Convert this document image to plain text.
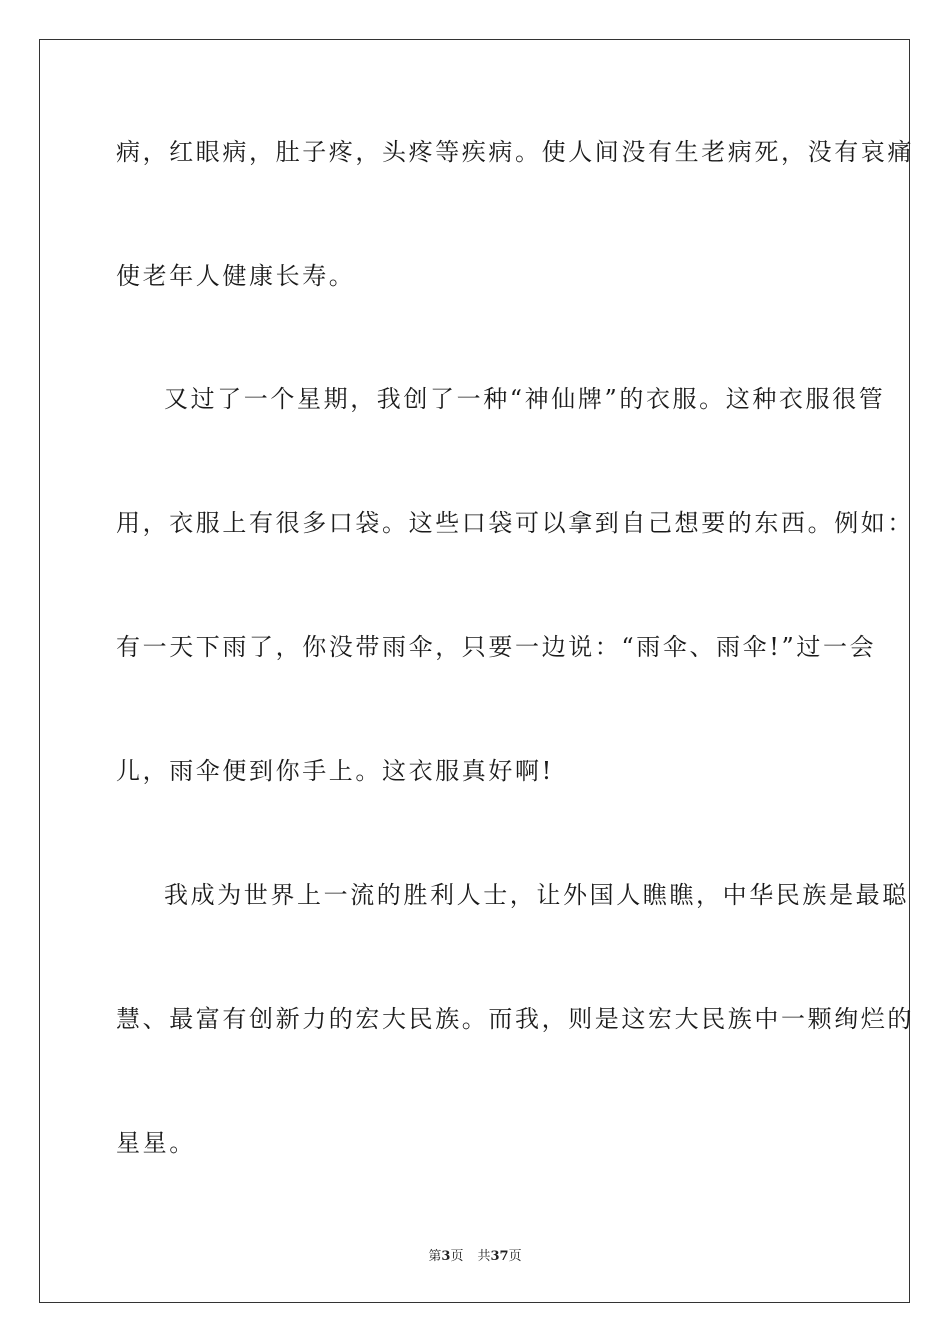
病，红眼病，肚子疼，头疼等疾病。使人间没有生老病死，没有哀痛
使老年人健康长寿。
又过了一个星期，我创了一种“神仙牌”的衣服。这种衣服很管
用，衣服上有很多口袋。这些口袋可以拿到自己想要的东西。例如：
有一天下雨了，你没带雨伞，只要一边说：“雨伞、雨伞!”过一会
儿，雨伞便到你手上。这衣服真好啊!
我成为世界上一流的胜利人士，让外国人瞧瞧，中华民族是最聪
慧、最富有创新力的宏大民族。而我，则是这宏大民族中一颗绚烂的
星星。
第3页 共37页
